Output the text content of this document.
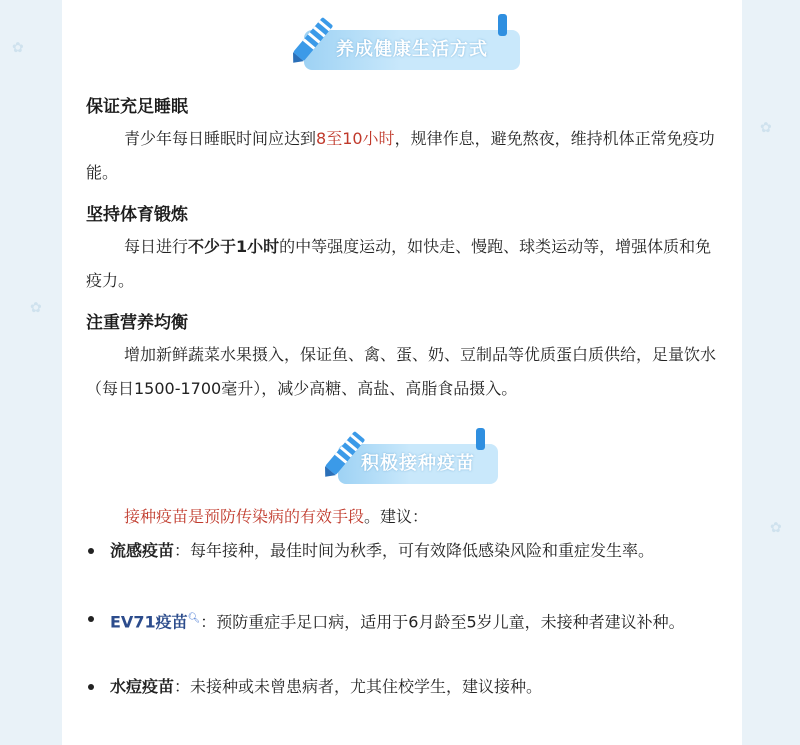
✿
✿
✿
✿
养成健康生活方式
保证充足睡眠
青少年每日睡眠时间应达到8至10小时，规律作息，避免熬夜，维持机体正常免疫功能。
坚持体育锻炼
每日进行不少于1小时的中等强度运动，如快走、慢跑、球类运动等，增强体质和免疫力。
注重营养均衡
增加新鲜蔬菜水果摄入，保证鱼、禽、蛋、奶、豆制品等优质蛋白质供给，足量饮水（每日1500-1700毫升），减少高糖、高盐、高脂食品摄入。
积极接种疫苗
接种疫苗是预防传染病的有效手段。建议：
流感疫苗：每年接种，最佳时间为秋季，可有效降低感染风险和重症发生率。
EV71疫苗🔍︎：预防重症手足口病，适用于6月龄至5岁儿童，未接种者建议补种。
水痘疫苗：未接种或未曾患病者，尤其住校学生，建议接种。
